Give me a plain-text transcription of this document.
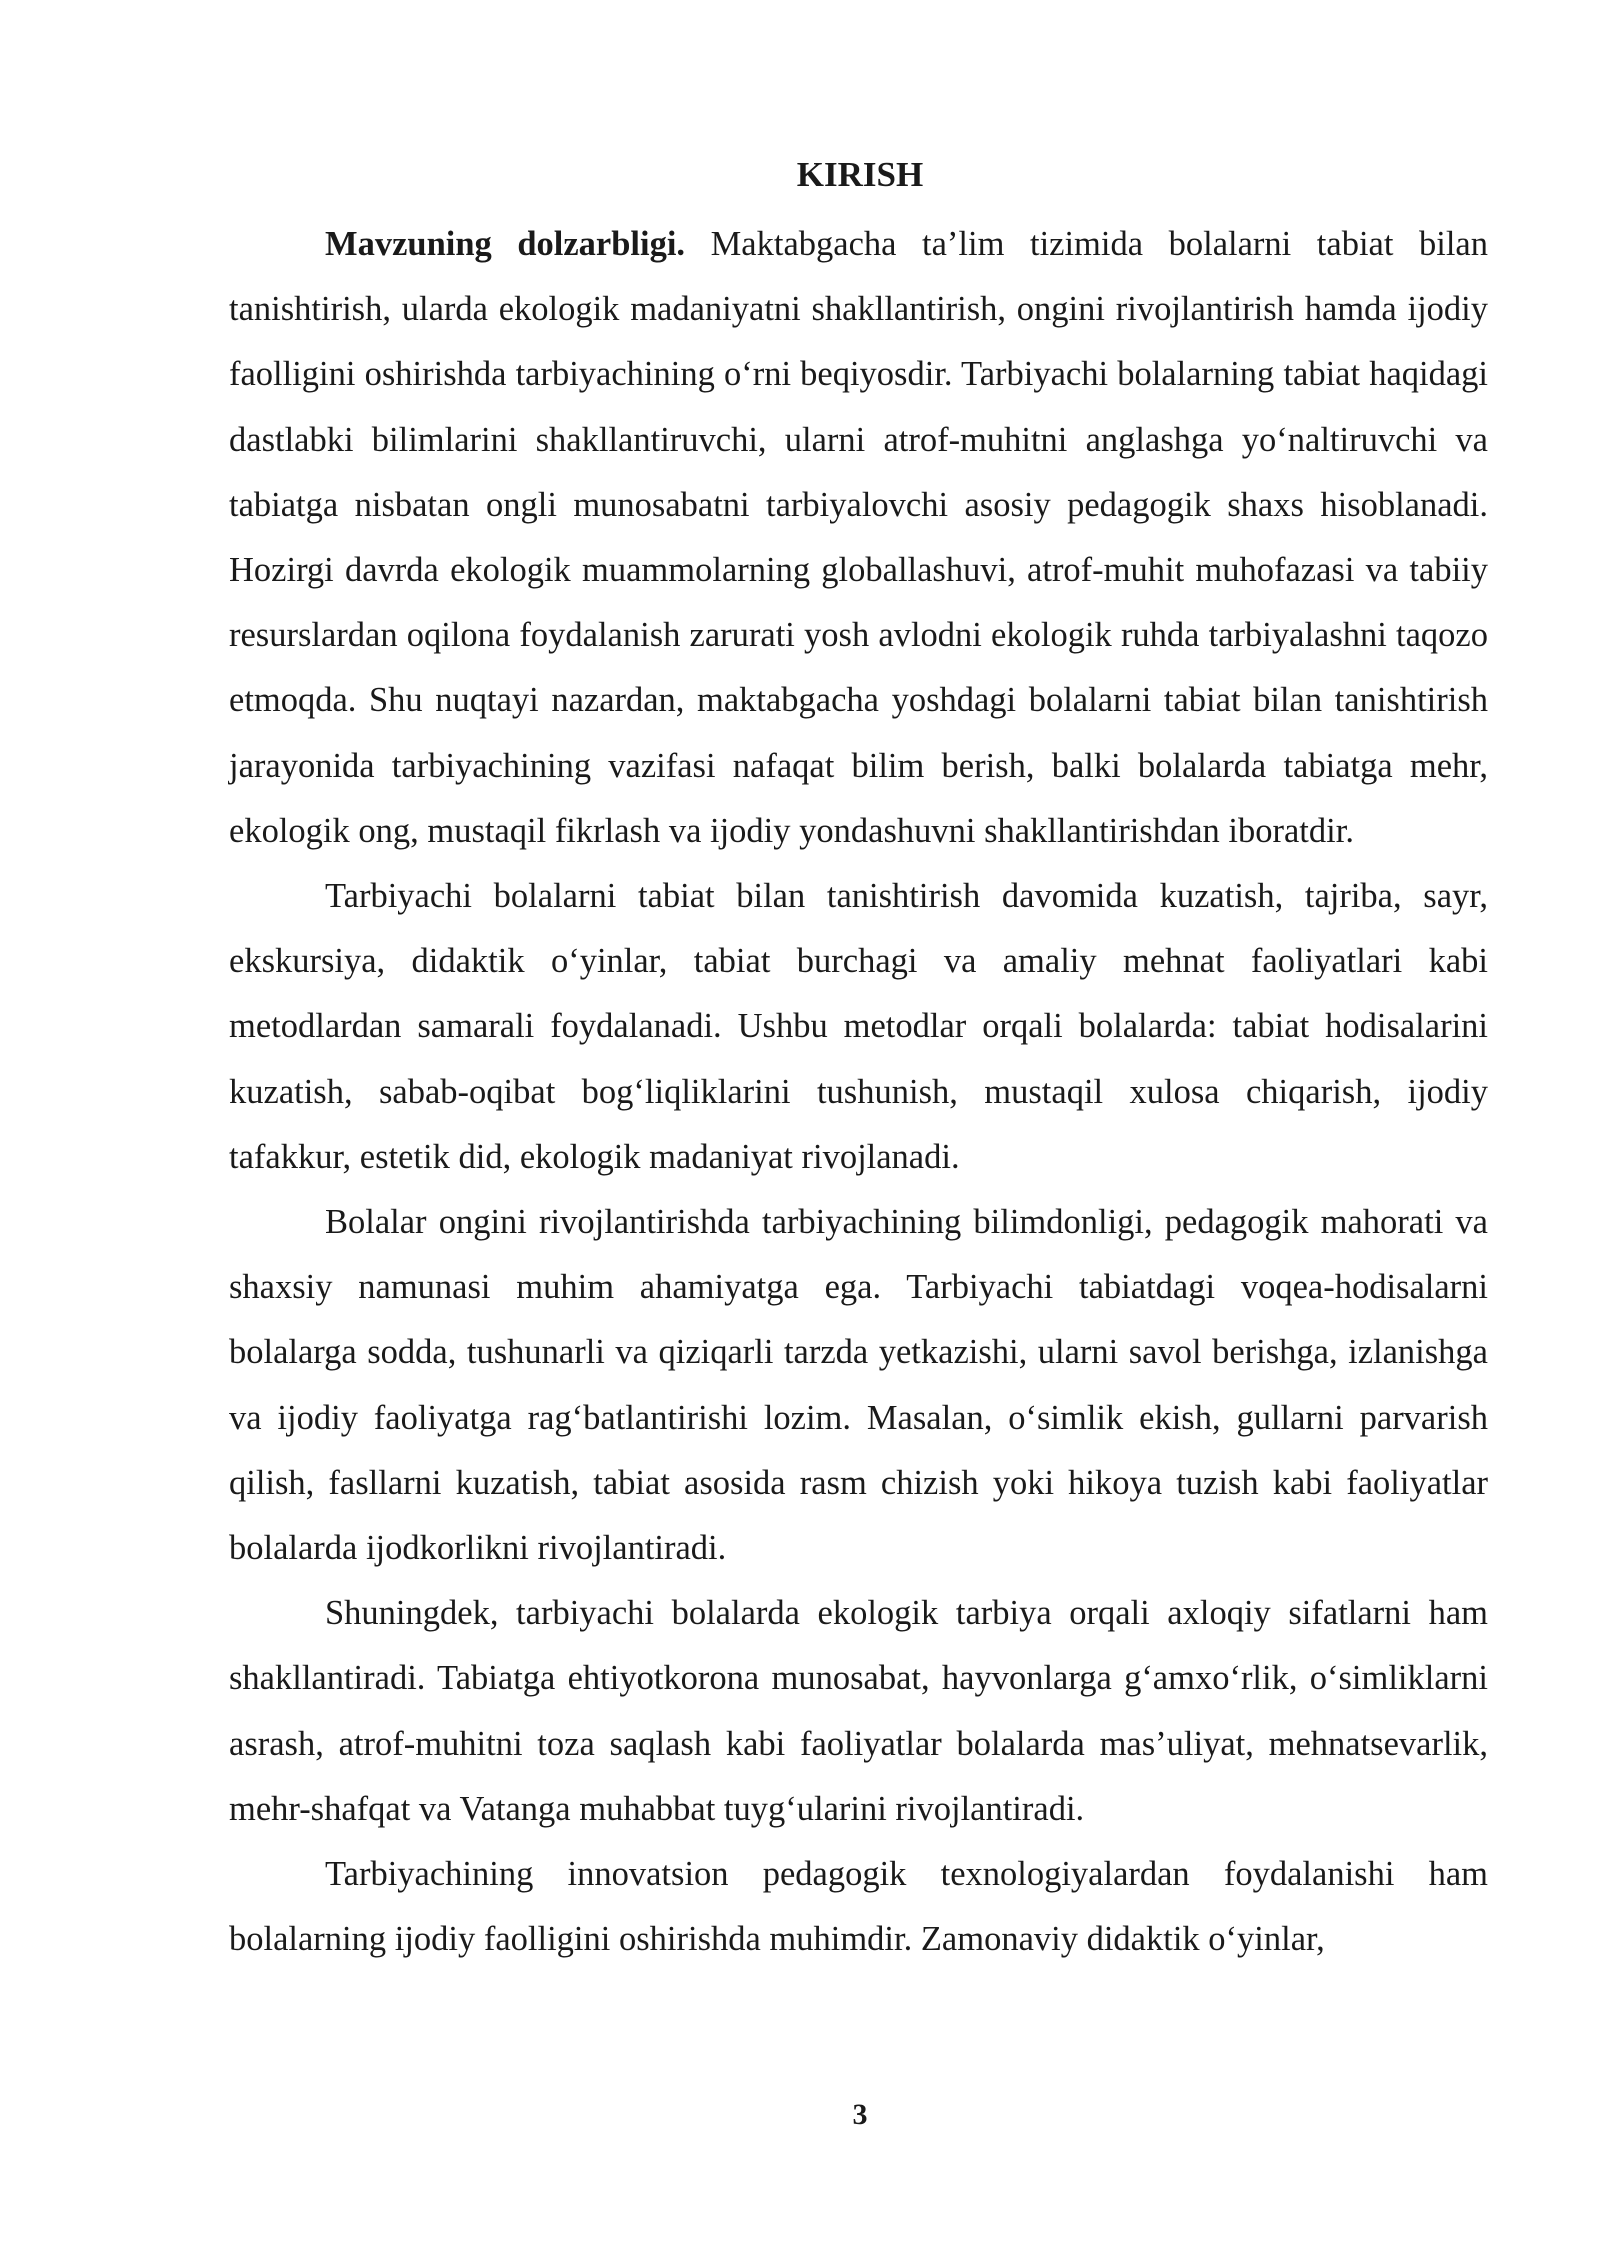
KIRISH

Mavzuning dolzarbligi. Maktabgacha ta’lim tizimida bolalarni tabiat bilan tanishtirish, ularda ekologik madaniyatni shakllantirish, ongini rivojlantirish hamda ijodiy faolligini oshirishda tarbiyachining o‘rni beqiyosdir. Tarbiyachi bolalarning tabiat haqidagi dastlabki bilimlarini shakllantiruvchi, ularni atrof-muhitni anglashga yo‘naltiruvchi va tabiatga nisbatan ongli munosabatni tarbiyalovchi asosiy pedagogik shaxs hisoblanadi. Hozirgi davrda ekologik muammolarning globallashuvi, atrof-muhit muhofazasi va tabiiy resurslardan oqilona foydalanish zarurati yosh avlodni ekologik ruhda tarbiyalashni taqozo etmoqda. Shu nuqtayi nazardan, maktabgacha yoshdagi bolalarni tabiat bilan tanishtirish jarayonida tarbiyachining vazifasi nafaqat bilim berish, balki bolalarda tabiatga mehr, ekologik ong, mustaqil fikrlash va ijodiy yondashuvni shakllantirishdan iboratdir.

Tarbiyachi bolalarni tabiat bilan tanishtirish davomida kuzatish, tajriba, sayr, ekskursiya, didaktik o‘yinlar, tabiat burchagi va amaliy mehnat faoliyatlari kabi metodlardan samarali foydalanadi. Ushbu metodlar orqali bolalarda: tabiat hodisalarini kuzatish, sabab-oqibat bog‘liqliklarini tushunish, mustaqil xulosa chiqarish, ijodiy tafakkur, estetik did, ekologik madaniyat rivojlanadi.

Bolalar ongini rivojlantirishda tarbiyachining bilimdonligi, pedagogik mahorati va shaxsiy namunasi muhim ahamiyatga ega. Tarbiyachi tabiatdagi voqea-hodisalarni bolalarga sodda, tushunarli va qiziqarli tarzda yetkazishi, ularni savol berishga, izlanishga va ijodiy faoliyatga rag‘batlantirishi lozim. Masalan, o‘simlik ekish, gullarni parvarish qilish, fasllarni kuzatish, tabiat asosida rasm chizish yoki hikoya tuzish kabi faoliyatlar bolalarda ijodkorlikni rivojlantiradi.

Shuningdek, tarbiyachi bolalarda ekologik tarbiya orqali axloqiy sifatlarni ham shakllantiradi. Tabiatga ehtiyotkorona munosabat, hayvonlarga g‘amxo‘rlik, o‘simliklarni asrash, atrof-muhitni toza saqlash kabi faoliyatlar bolalarda mas’uliyat, mehnatsevarlik, mehr-shafqat va Vatanga muhabbat tuyg‘ularini rivojlantiradi.

Tarbiyachining innovatsion pedagogik texnologiyalardan foydalanishi ham bolalarning ijodiy faolligini oshirishda muhimdir. Zamonaviy didaktik o‘yinlar,

3
